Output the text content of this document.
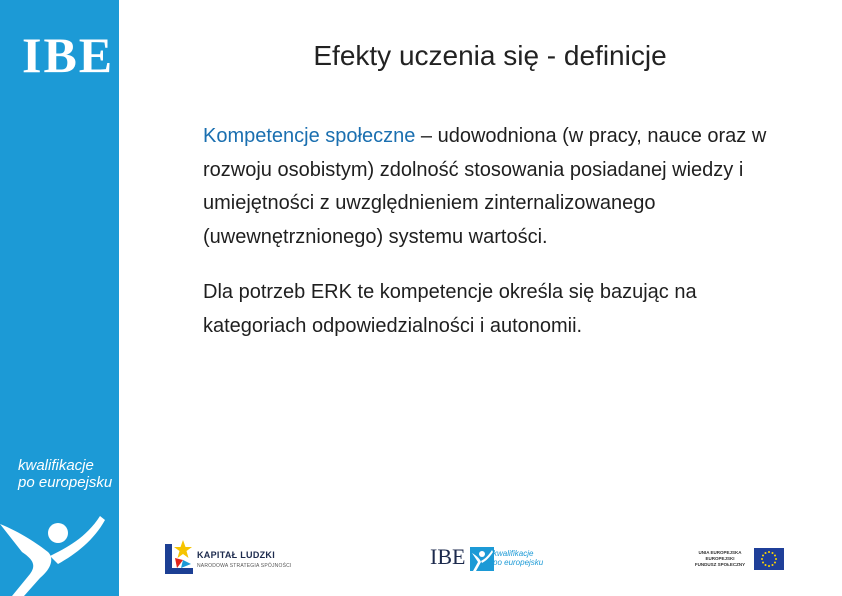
IBE
kwalifikacje
po europejsku
Efekty uczenia się - definicje

Kompetencje społeczne – udowodniona (w pracy, nauce oraz w rozwoju osobistym) zdolność stosowania posiadanej wiedzy i umiejętności z uwzględnieniem zinternalizowanego (uwewnętrznionego) systemu wartości.

Dla potrzeb ERK te kompetencje określa się bazując na kategoriach odpowiedzialności i autonomii.

KAPITAŁ LUDZKI
NARODOWA STRATEGIA SPÓJNOŚCI	IBE	kwalifikacje
po europejsku
UNIA EUROPEJSKA
EUROPEJSKI
FUNDUSZ SPOŁECZNY
